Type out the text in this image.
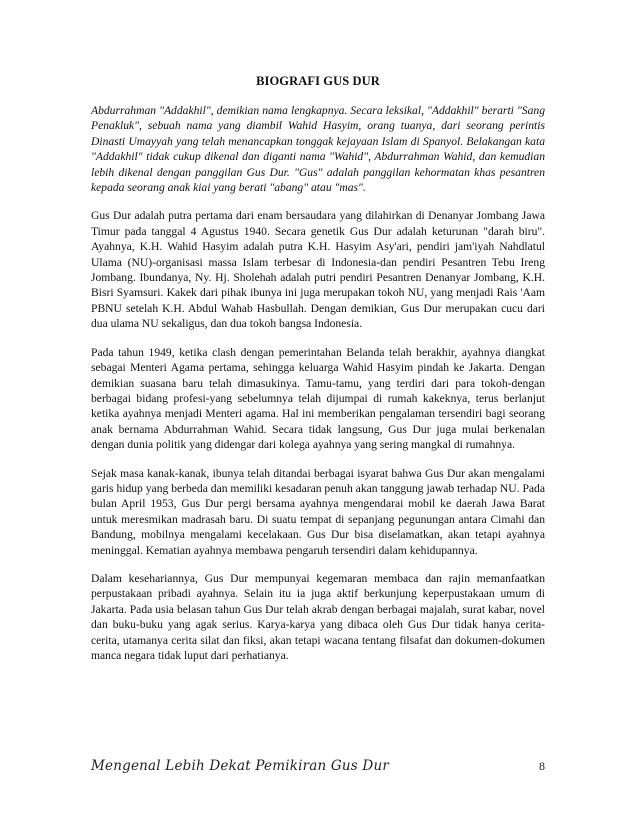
BIOGRAFI GUS DUR

Abdurrahman "Addakhil", demikian nama lengkapnya. Secara leksikal, "Addakhil" berarti "Sang Penakluk", sebuah nama yang diambil Wahid Hasyim, orang tuanya, dari seorang perintis Dinasti Umayyah yang telah menancapkan tonggak kejayaan Islam di Spanyol. Belakangan kata "Addakhil" tidak cukup dikenal dan diganti nama "Wahid", Abdurrahman Wahid, dan kemudian lebih dikenal dengan panggilan Gus Dur. "Gus" adalah panggilan kehormatan khas pesantren kepada seorang anak kiai yang berati "abang" atau "mas".

Gus Dur adalah putra pertama dari enam bersaudara yang dilahirkan di Denanyar Jombang Jawa Timur pada tanggal 4 Agustus 1940. Secara genetik Gus Dur adalah keturunan "darah biru". Ayahnya, K.H. Wahid Hasyim adalah putra K.H. Hasyim Asy'ari, pendiri jam'iyah Nahdlatul Ulama (NU)-organisasi massa Islam terbesar di Indonesia-dan pendiri Pesantren Tebu Ireng Jombang. Ibundanya, Ny. Hj. Sholehah adalah putri pendiri Pesantren Denanyar Jombang, K.H. Bisri Syamsuri. Kakek dari pihak ibunya ini juga merupakan tokoh NU, yang menjadi Rais 'Aam PBNU setelah K.H. Abdul Wahab Hasbullah. Dengan demikian, Gus Dur merupakan cucu dari dua ulama NU sekaligus, dan dua tokoh bangsa Indonesia.

Pada tahun 1949, ketika clash dengan pemerintahan Belanda telah berakhir, ayahnya diangkat sebagai Menteri Agama pertama, sehingga keluarga Wahid Hasyim pindah ke Jakarta. Dengan demikian suasana baru telah dimasukinya. Tamu-tamu, yang terdiri dari para tokoh-dengan berbagai bidang profesi-yang sebelumnya telah dijumpai di rumah kakeknya, terus berlanjut ketika ayahnya menjadi Menteri agama. Hal ini memberikan pengalaman tersendiri bagi seorang anak bernama Abdurrahman Wahid. Secara tidak langsung, Gus Dur juga mulai berkenalan dengan dunia politik yang didengar dari kolega ayahnya yang sering mangkal di rumahnya.

Sejak masa kanak-kanak, ibunya telah ditandai berbagai isyarat bahwa Gus Dur akan mengalami garis hidup yang berbeda dan memiliki kesadaran penuh akan tanggung jawab terhadap NU. Pada bulan April 1953, Gus Dur pergi bersama ayahnya mengendarai mobil ke daerah Jawa Barat untuk meresmikan madrasah baru. Di suatu tempat di sepanjang pegunungan antara Cimahi dan Bandung, mobilnya mengalami kecelakaan. Gus Dur bisa diselamatkan, akan tetapi ayahnya meninggal. Kematian ayahnya membawa pengaruh tersendiri dalam kehidupannya.

Dalam kesehariannya, Gus Dur mempunyai kegemaran membaca dan rajin memanfaatkan perpustakaan pribadi ayahnya. Selain itu ia juga aktif berkunjung keperpustakaan umum di Jakarta. Pada usia belasan tahun Gus Dur telah akrab dengan berbagai majalah, surat kabar, novel dan buku-buku yang agak serius. Karya-karya yang dibaca oleh Gus Dur tidak hanya cerita-cerita, utamanya cerita silat dan fiksi, akan tetapi wacana tentang filsafat dan dokumen-dokumen manca negara tidak luput dari perhatianya.

Mengenal Lebih Dekat Pemikiran Gus Dur	8
